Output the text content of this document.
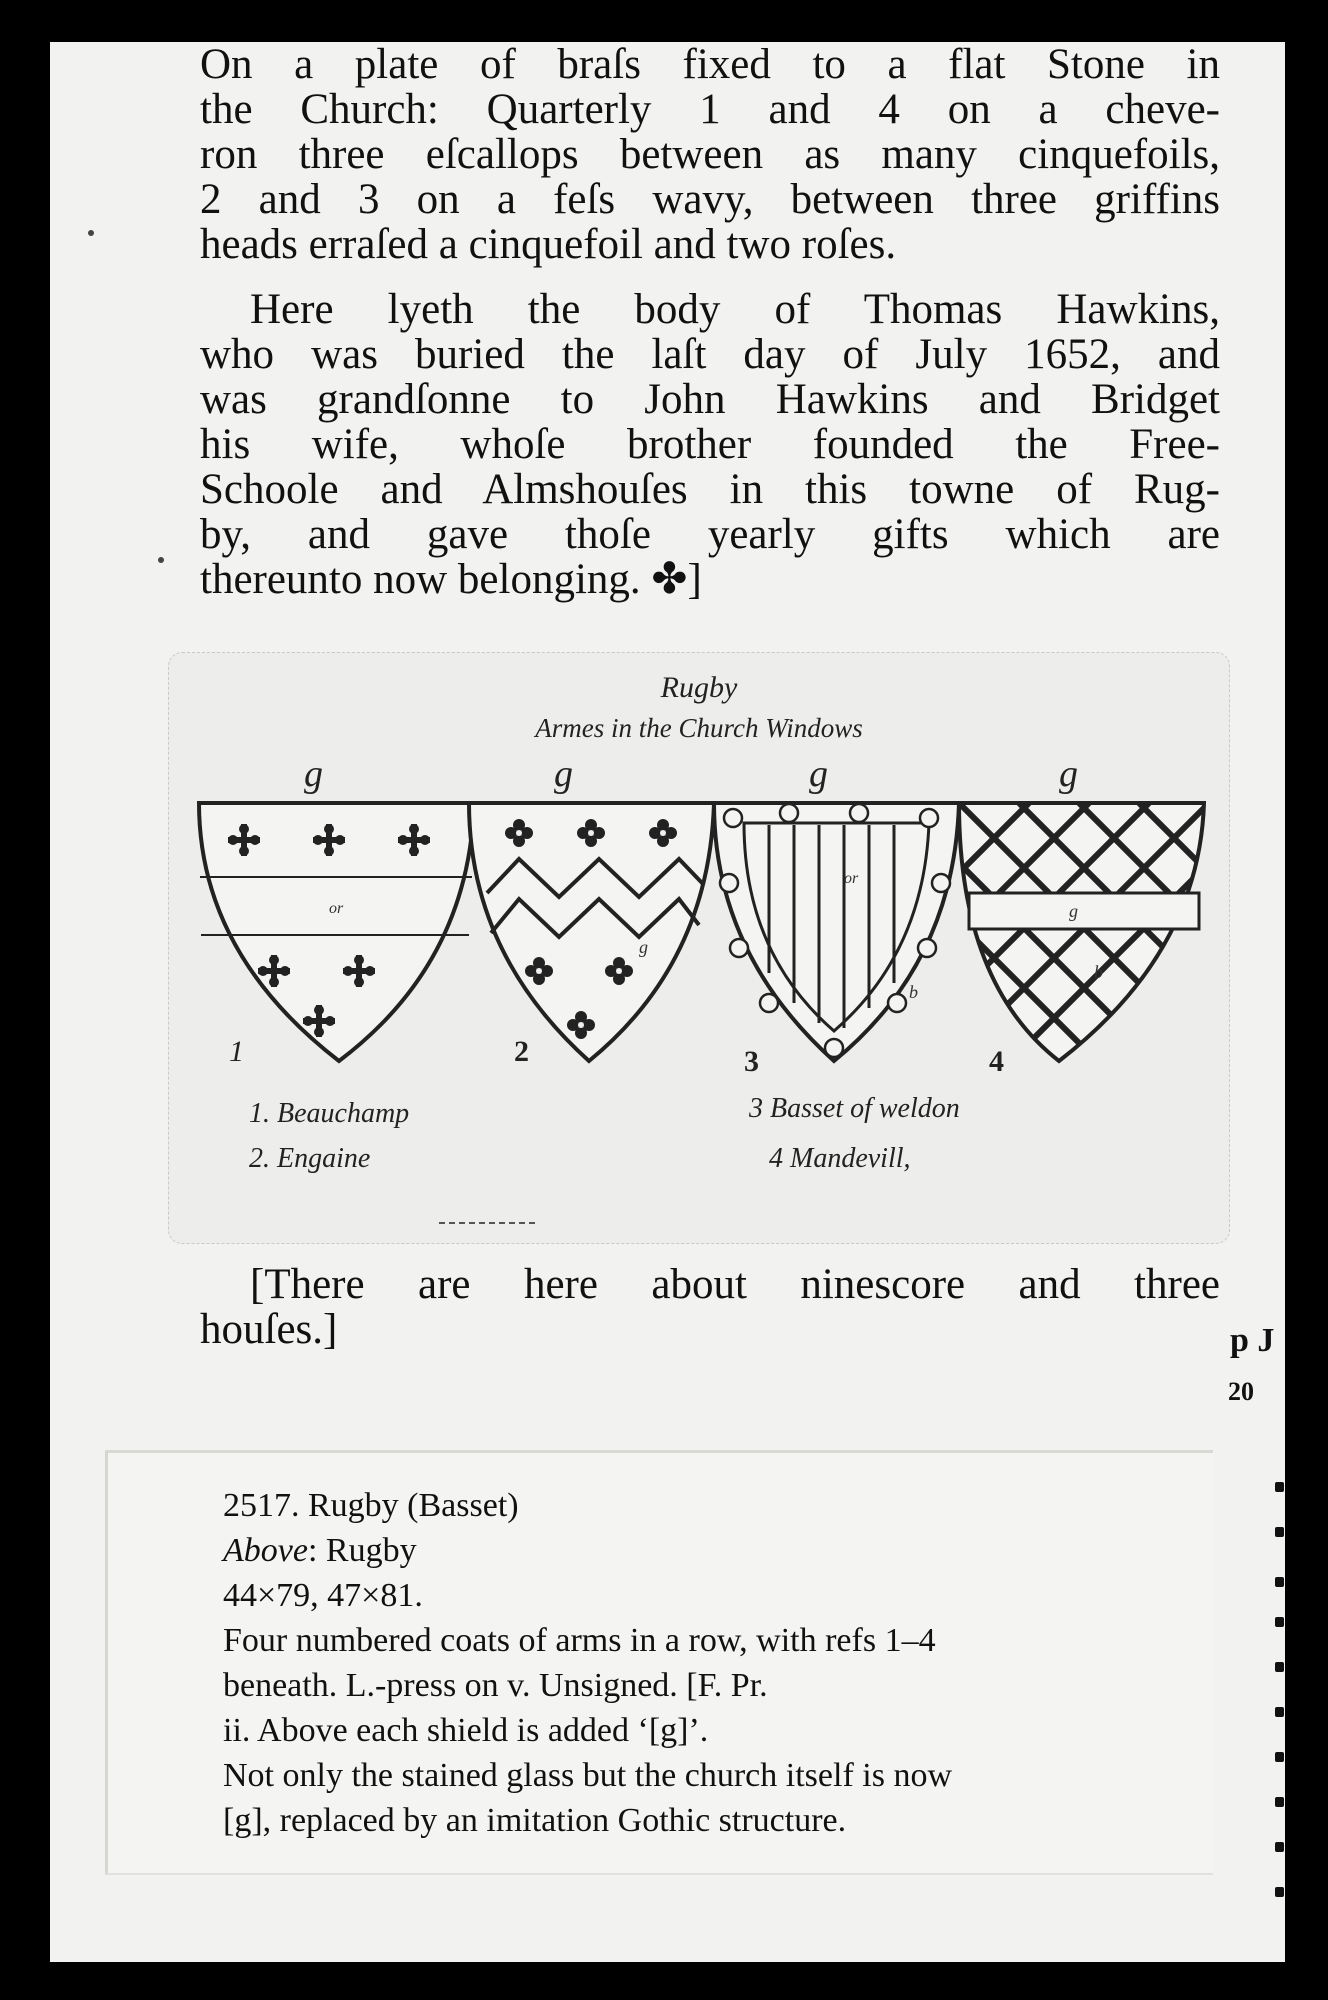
On a plate of braſs fixed to a flat Stone in
the Church: Quarterly 1 and 4 on a cheve-
ron three eſcallops between as many cinquefoils,
2 and 3 on a feſs wavy, between three griffins
heads erraſed a cinquefoil and two roſes.

Here lyeth the body of Thomas Hawkins,
who was buried the laſt day of July 1652, and
was grandſonne to John Hawkins and Bridget
his wife, whoſe brother founded the Free-
Schoole and Almshouſes in this towne of Rug-
by, and gave thoſe yearly gifts which are
thereunto now belonging. ✤]

Rugby
Armes in the Church Windows
g	g	g	g
or
1
g
2
or
b
3
g
b
4
1. Beauchamp
2. Engaine
3 Basset of weldon
4 Mandevill,

[There are here about ninescore and three
houſes.]

2517. Rugby (Basset)
Above: Rugby
44×79, 47×81.
Four numbered coats of arms in a row, with refs 1–4
beneath. L.-press on v. Unsigned. [F. Pr.
ii. Above each shield is added ‘[g]’.
Not only the stained glass but the church itself is now
[g], replaced by an imitation Gothic structure.

p J
20
